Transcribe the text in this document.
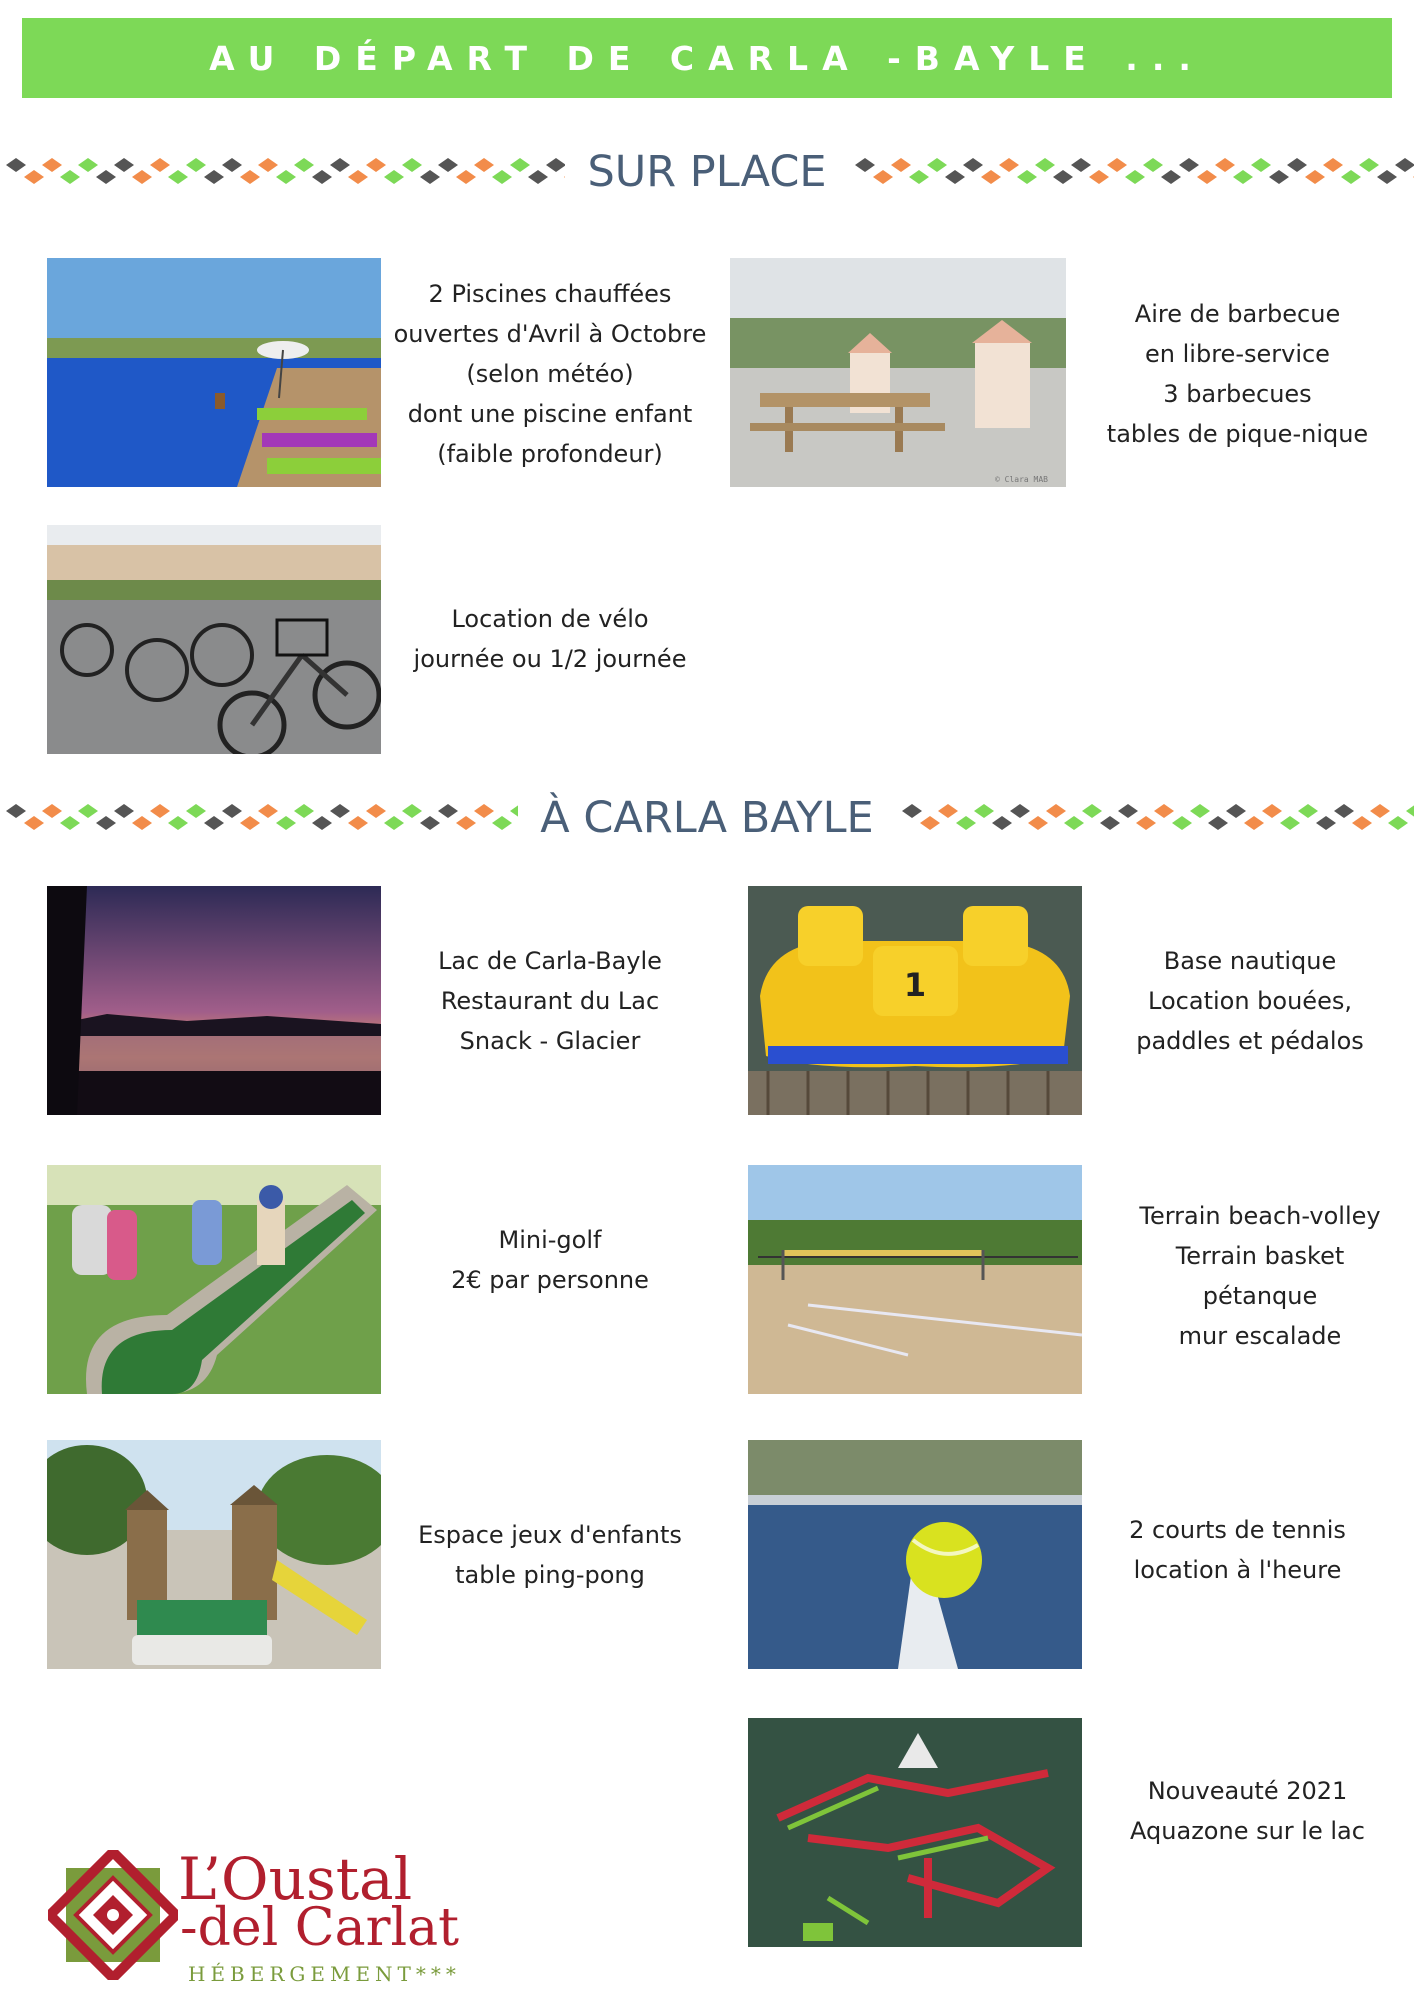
AU DÉPART DE CARLA -BAYLE ...
SUR PLACE
2 Piscines chauffées
ouvertes d'Avril à Octobre
(selon météo)
dont une piscine enfant
(faible profondeur)
© Clara MAB
Aire de barbecue
en libre-service
3 barbecues
tables de pique-nique
Location de vélo
journée ou 1/2 journée
À CARLA BAYLE
Lac de Carla-Bayle
Restaurant du Lac
Snack - Glacier
1
Base nautique
Location bouées,
paddles et pédalos
Mini-golf
2€ par personne
Terrain beach-volley
Terrain basket
pétanque
mur escalade
Espace jeux d'enfants
table ping-pong
2 courts de tennis
location à l'heure
Nouveauté 2021
Aquazone sur le lac
L’Oustal
-del Carlat
HÉBERGEMENT***
